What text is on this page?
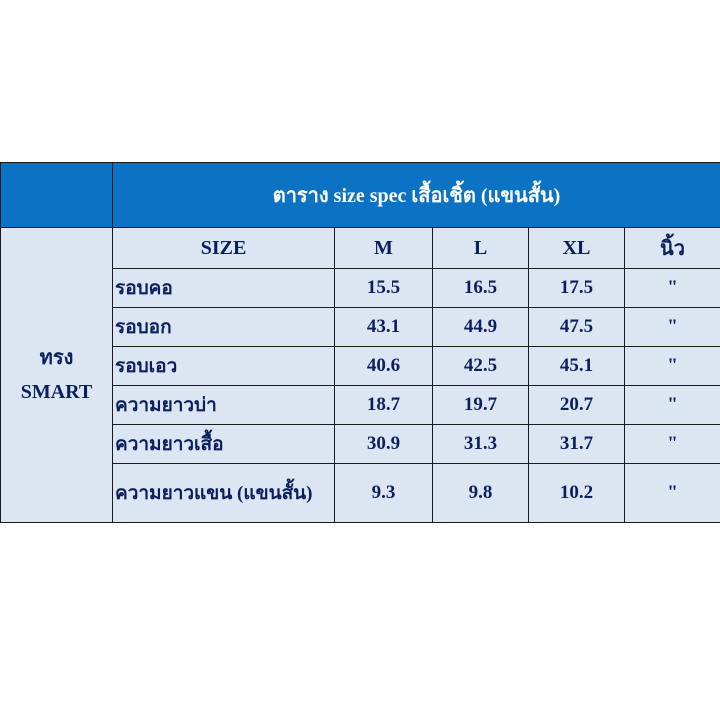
	ตาราง size spec เสื้อเชิ้ต (แขนสั้น)				

ทรง
SMART	SIZE	M	L	XL	นิ้ว
	รอบคอ	15.5	16.5	17.5	"
	รอบอก	43.1	44.9	47.5	"
	รอบเอว	40.6	42.5	45.1	"
	ความยาวบ่า	18.7	19.7	20.7	"
	ความยาวเสื้อ	30.9	31.3	31.7	"
	ความยาวแขน (แขนสั้น)	9.3	9.8	10.2	"
